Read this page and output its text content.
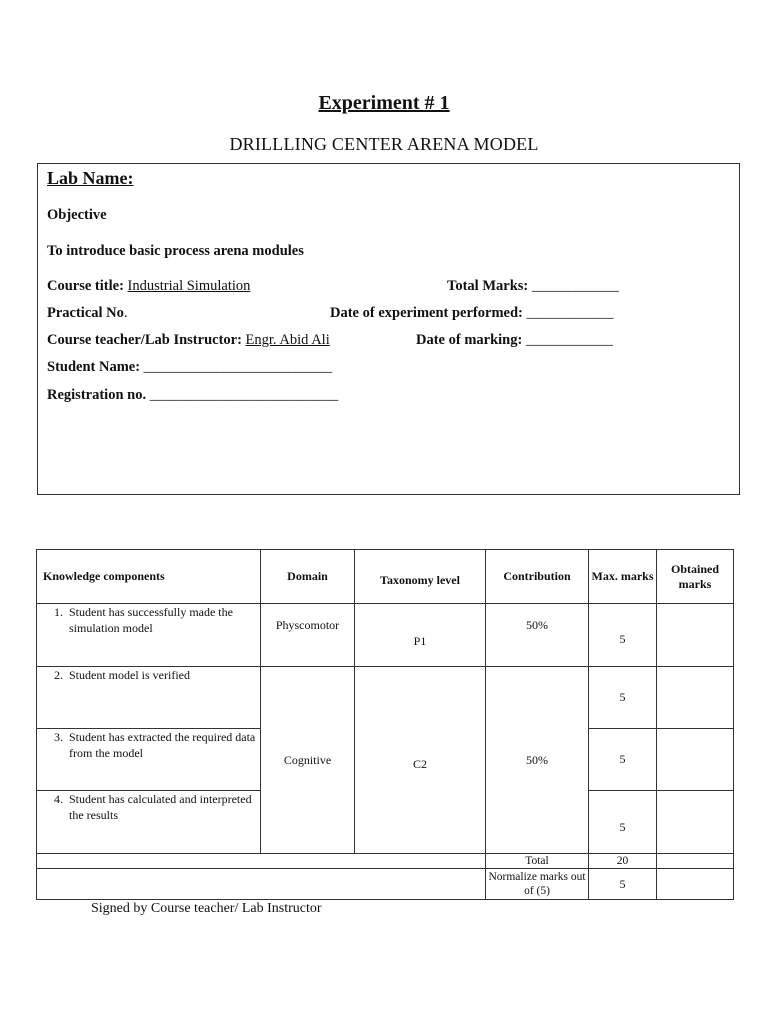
Experiment # 1
DRILLLING CENTER ARENA MODEL
Lab Name:
Objective
To introduce basic process arena modules
Course title: Industrial Simulation	Total Marks: ____________
Practical No.	Date of experiment performed: ____________
Course teacher/Lab Instructor: Engr. Abid Ali	Date of marking: ____________
Student Name: __________________________
Registration no. __________________________
Knowledge components	Domain	Taxonomy level	Contribution	Max. marks	Obtained marks

1. Student has successfully made the simulation model	Physcomotor	P1	50%	5	

2. Student model is verified	Cognitive	C2	50%	5	

3. Student has extracted the required data from the model				5	

4. Student has calculated and interpreted the results				5	
			Total	20	
			Normalize marks out of (5)	5	
Signed by Course teacher/ Lab Instructor
